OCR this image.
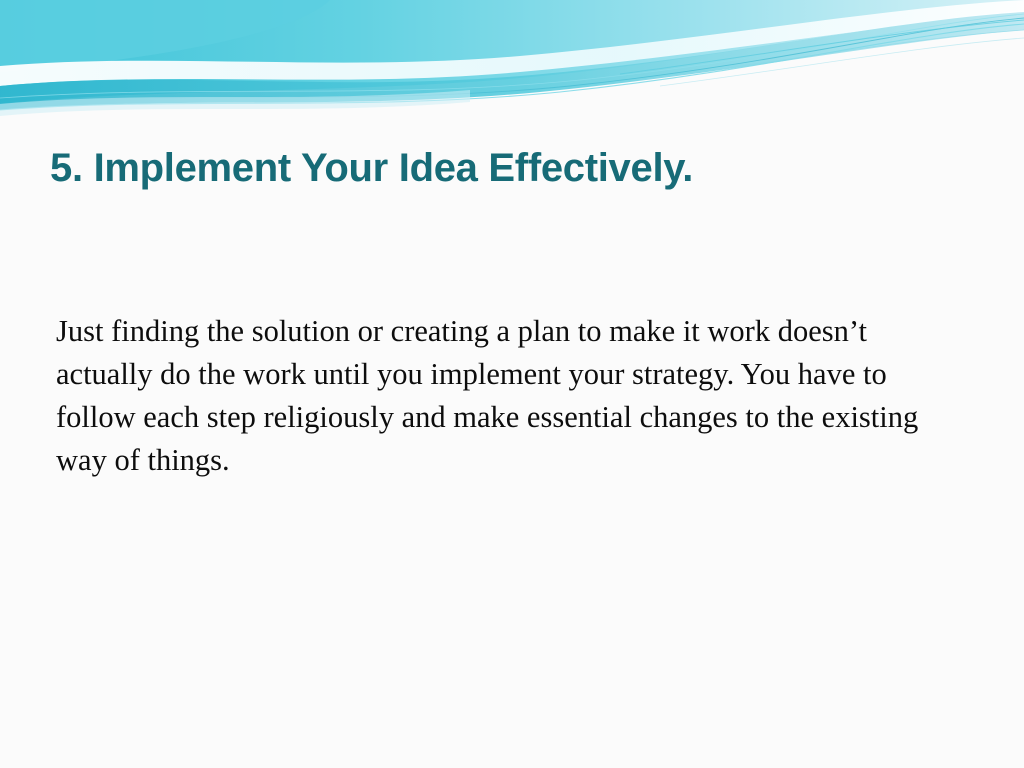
5. Implement Your Idea Effectively.
Just finding the solution or creating a plan to make it work doesn’t actually do the work until you implement your strategy. You have to follow each step religiously and make essential changes to the existing way of things.
